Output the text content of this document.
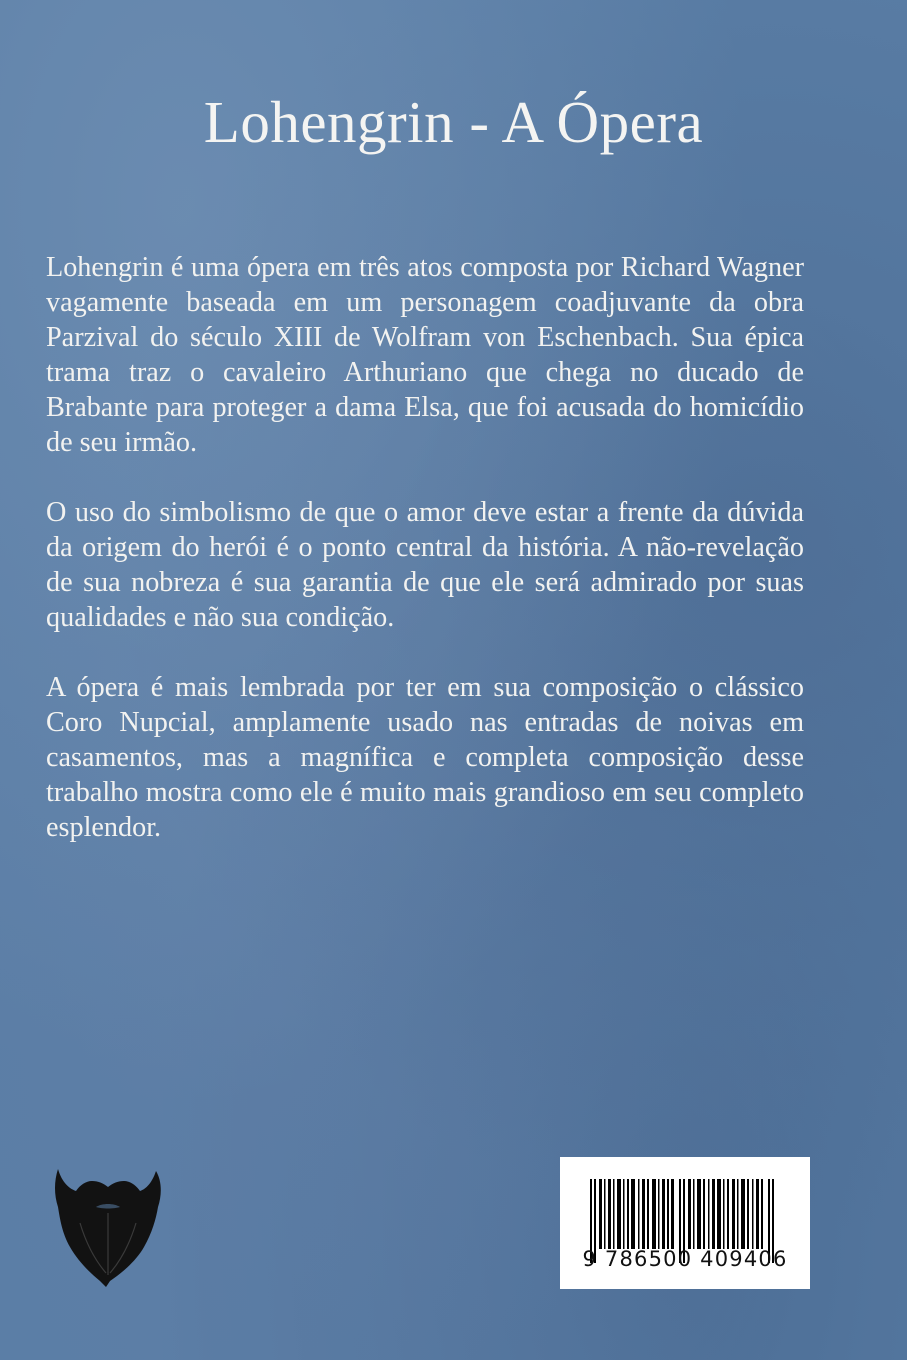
Lohengrin - A Ópera

Lohengrin é uma ópera em três atos composta por Richard Wagner vagamente baseada em um personagem coadjuvante da obra Parzival do século XIII de Wolfram von Eschenbach. Sua épica trama traz o cavaleiro Arthuriano que chega no ducado de Brabante para proteger a dama Elsa, que foi acusada do homicídio de seu irmão.

O uso do simbolismo de que o amor deve estar a frente da dúvida da origem do herói é o ponto central da história. A não-revelação de sua nobreza é sua garantia de que ele será admirado por suas qualidades e não sua condição.

A ópera é mais lembrada por ter em sua composição o clássico Coro Nupcial, amplamente usado nas entradas de noivas em casamentos, mas a magnífica e completa composição desse trabalho mostra como ele é muito mais grandioso em seu completo esplendor.

9 786500 409406
